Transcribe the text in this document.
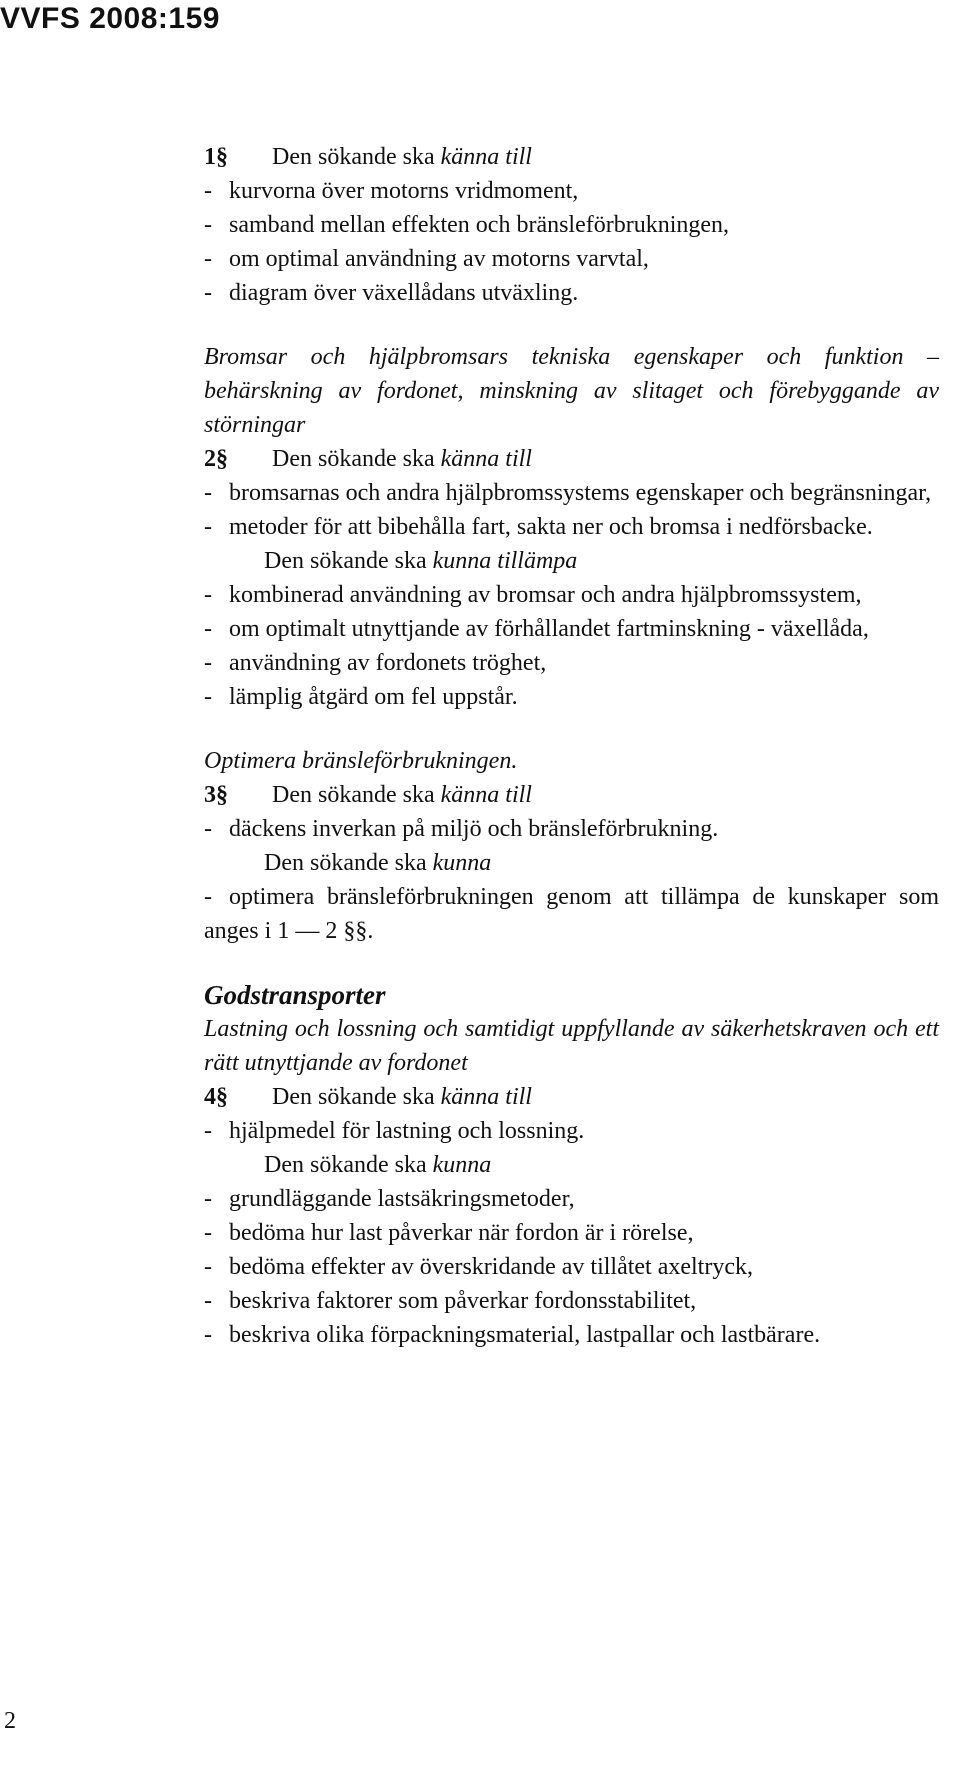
VVFS 2008:159

1§ Den sökande ska känna till

- kurvorna över motorns vridmoment,

- samband mellan effekten och bränsleförbrukningen,

- om optimal användning av motorns varvtal,

- diagram över växellådans utväxling.

Bromsar och hjälpbromsars tekniska egenskaper och funktion – behärskning av fordonet, minskning av slitaget och förebyggande av störningar

2§ Den sökande ska känna till

- bromsarnas och andra hjälpbromssystems egenskaper och begränsningar,

- metoder för att bibehålla fart, sakta ner och bromsa i nedförsbacke.

Den sökande ska kunna tillämpa

- kombinerad användning av bromsar och andra hjälpbromssystem,

- om optimalt utnyttjande av förhållandet fartminskning - växellåda,

- användning av fordonets tröghet,

- lämplig åtgärd om fel uppstår.

Optimera bränsleförbrukningen.

3§ Den sökande ska känna till

- däckens inverkan på miljö och bränsleförbrukning.

Den sökande ska kunna

- optimera bränsleförbrukningen genom att tillämpa de kunskaper som anges i 1 — 2 §§.

Godstransporter

Lastning och lossning och samtidigt uppfyllande av säkerhetskraven och ett rätt utnyttjande av fordonet

4§ Den sökande ska känna till

- hjälpmedel för lastning och lossning.

Den sökande ska kunna

- grundläggande lastsäkringsmetoder,

- bedöma hur last påverkar när fordon är i rörelse,

- bedöma effekter av överskridande av tillåtet axeltryck,

- beskriva faktorer som påverkar fordonsstabilitet,

- beskriva olika förpackningsmaterial, lastpallar och lastbärare.

2
